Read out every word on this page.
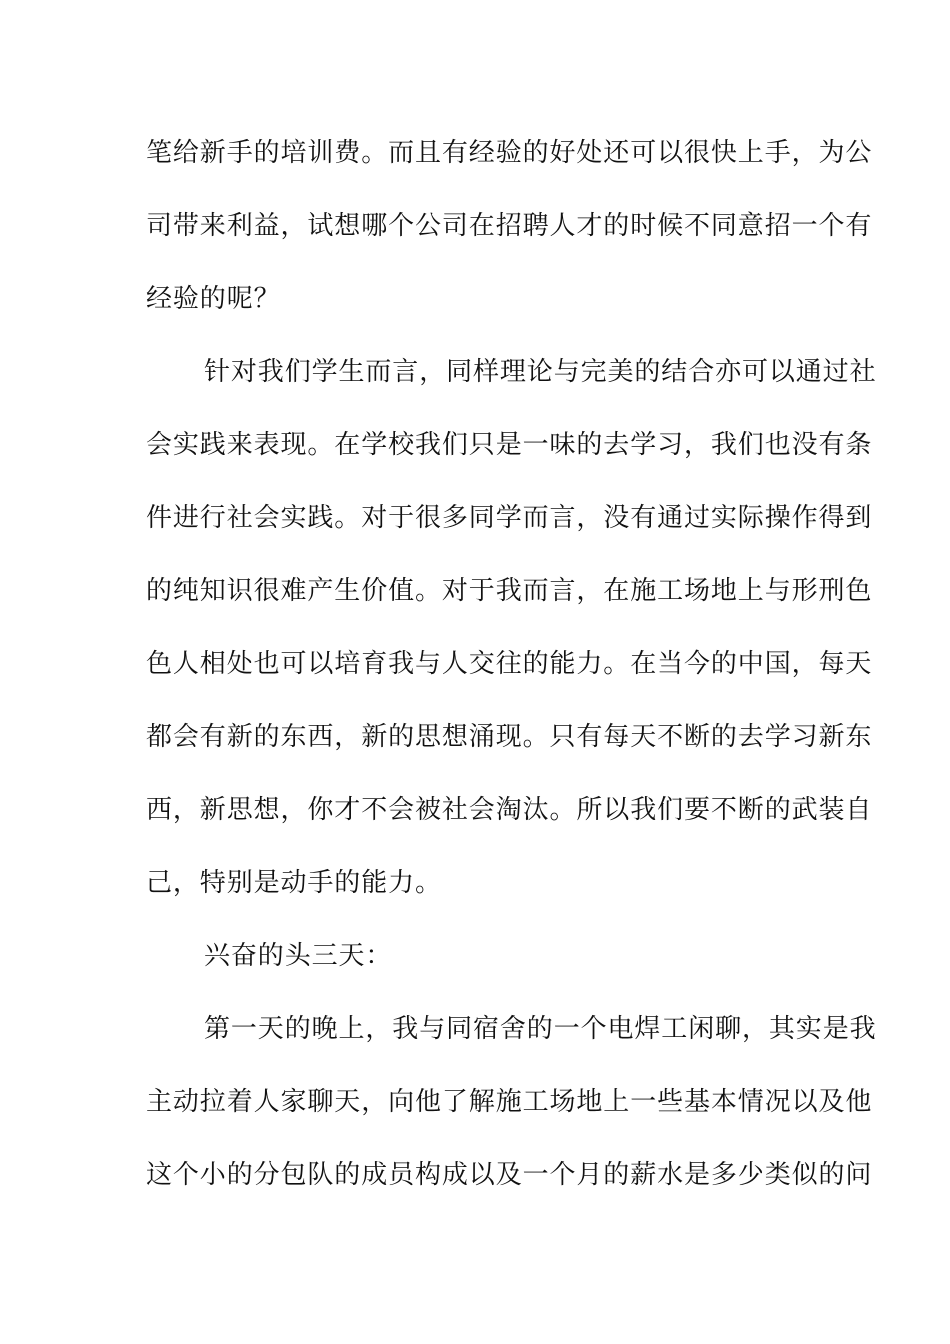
笔给新手的培训费。而且有经验的好处还可以很快上手，为公
司带来利益，试想哪个公司在招聘人才的时候不同意招一个有
经验的呢？
针对我们学生而言，同样理论与完美的结合亦可以通过社
会实践来表现。在学校我们只是一味的去学习，我们也没有条
件进行社会实践。对于很多同学而言，没有通过实际操作得到
的纯知识很难产生价值。对于我而言，在施工场地上与形刑色
色人相处也可以培育我与人交往的能力。在当今的中国，每天
都会有新的东西，新的思想涌现。只有每天不断的去学习新东
西，新思想，你才不会被社会淘汰。所以我们要不断的武装自
己，特别是动手的能力。
兴奋的头三天：
第一天的晚上，我与同宿舍的一个电焊工闲聊，其实是我
主动拉着人家聊天，向他了解施工场地上一些基本情况以及他
这个小的分包队的成员构成以及一个月的薪水是多少类似的问
